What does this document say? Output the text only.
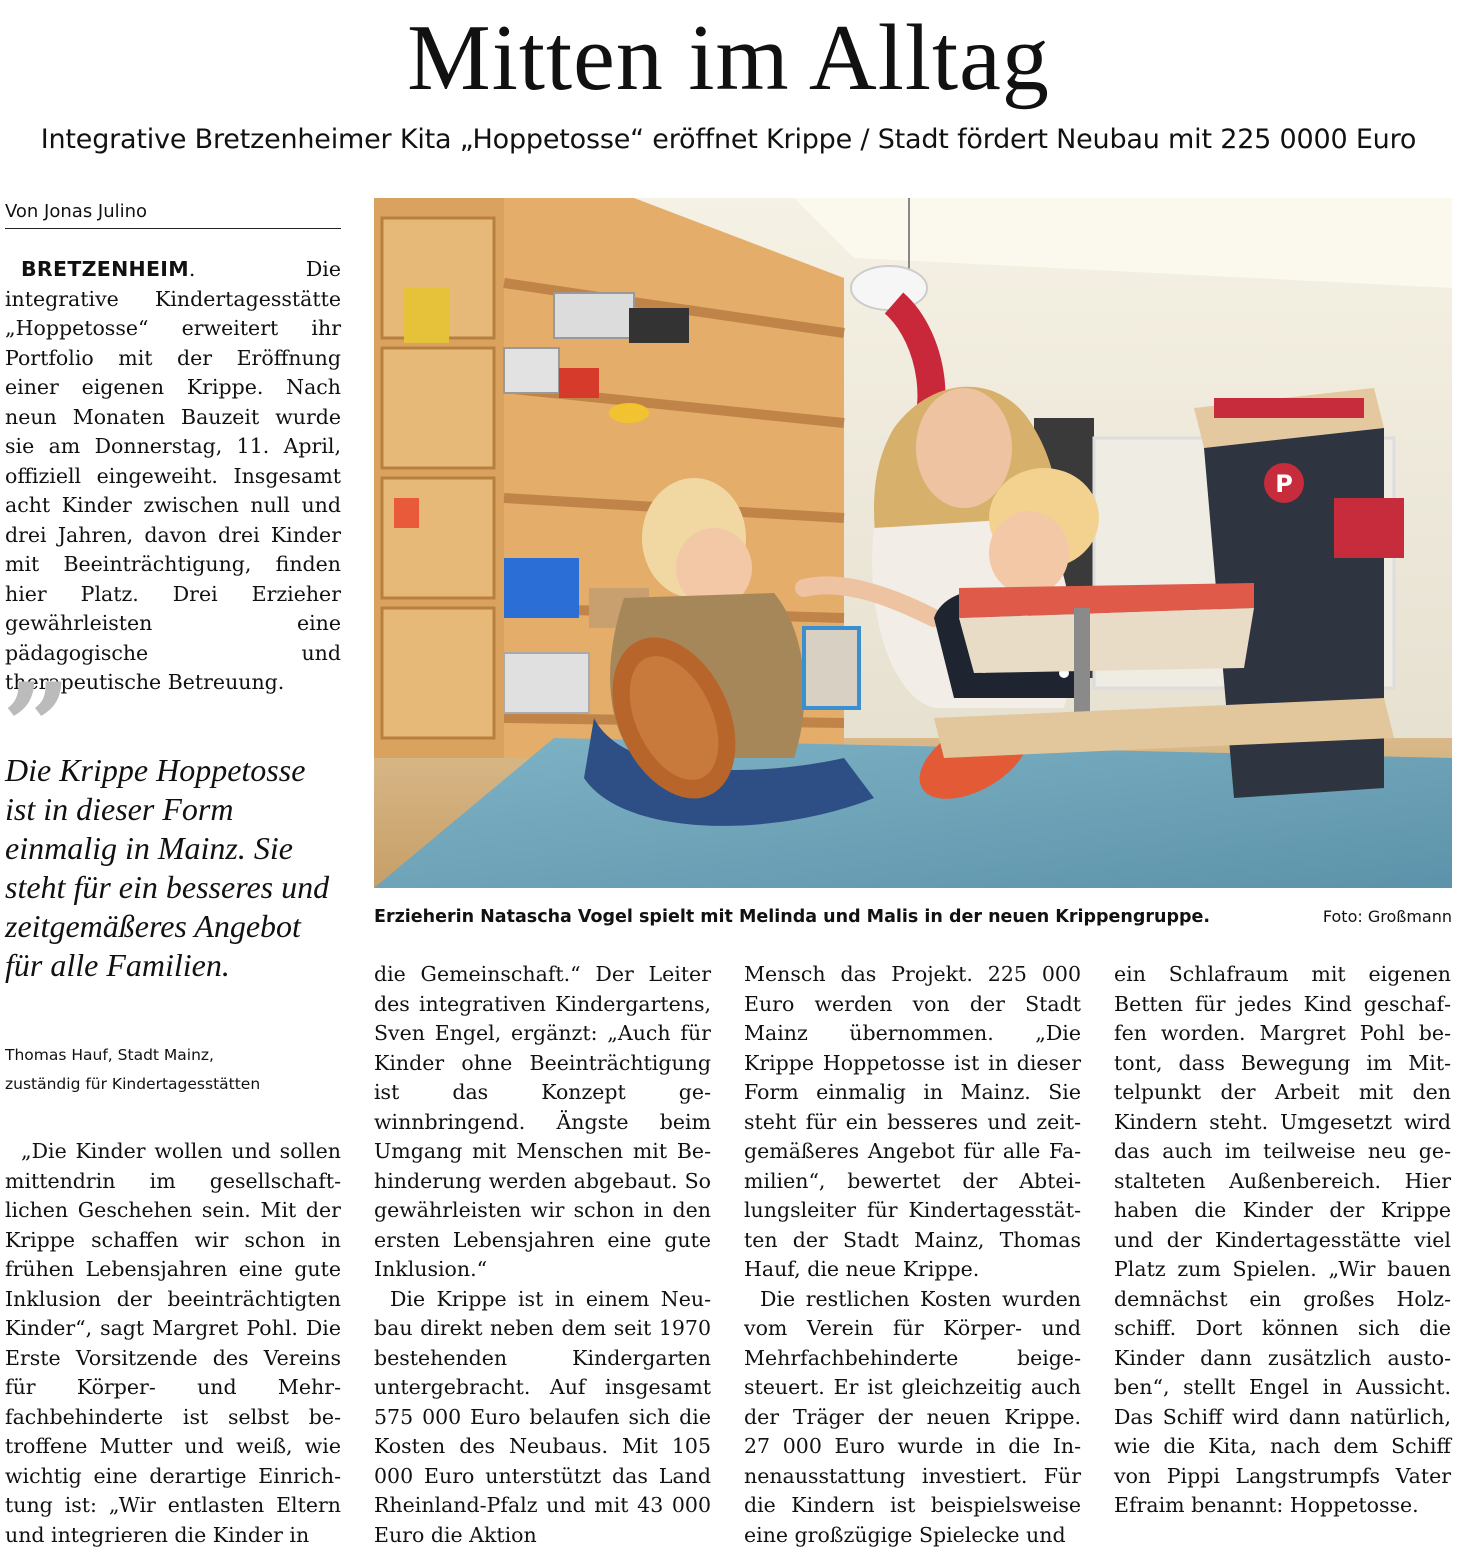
Mitten im Alltag
Integrative Bretzenheimer Kita „Hoppetosse“ eröffnet Krippe / Stadt fördert Neubau mit 225 0000 Euro
Von Jonas Julino

BRETZENHEIM. Die integrative Kindertagesstätte „Hoppetosse“ erweitert ihr Portfolio mit der Eröffnung einer eigenen Krippe. Nach neun Monaten Bauzeit wurde sie am Donnerstag, 11. April, offiziell eingeweiht. Insgesamt acht Kinder zwischen null und drei Jahren, davon drei Kinder mit Beeinträchtigung, finden hier Platz. Drei Erzieher gewährleisten eine pädagogische und therapeutische Betreuung.

”

Die Krippe Hoppetosse ist in dieser Form einmalig in Mainz. Sie steht für ein besseres und zeitgemäßeres Angebot für alle Familien.

Thomas Hauf, Stadt Mainz,
zuständig für Kindertagesstätten

„Die Kinder wollen und sollen mittendrin im gesellschaftlichen Geschehen sein. Mit der Krippe schaffen wir schon in frühen Lebensjahren eine gute Inklusion der beeinträchtigten Kinder“, sagt Margret Pohl. Die Erste Vorsitzende des Vereins für Körper- und Mehrfachbehinderte ist selbst betroffene Mutter und weiß, wie wichtig eine derartige Einrichtung ist: „Wir entlasten Eltern und integrieren die Kinder in

P
Erzieherin Natascha Vogel spielt mit Melinda und Malis in der neuen Krippengruppe.	Foto: Großmann

die Gemeinschaft.“ Der Leiter des integrativen Kindergartens, Sven Engel, ergänzt: „Auch für Kinder ohne Beeinträchtigung ist das Konzept gewinnbringend. Ängste beim Umgang mit Menschen mit Behinderung werden abgebaut. So gewährleisten wir schon in den ersten Lebensjahren eine gute Inklusion.“

Die Krippe ist in einem Neubau direkt neben dem seit 1970 bestehenden Kindergarten untergebracht. Auf insgesamt 575 000 Euro belaufen sich die Kosten des Neubaus. Mit 105 000 Euro unterstützt das Land Rheinland-Pfalz und mit 43 000 Euro die Aktion

Mensch das Projekt. 225 000 Euro werden von der Stadt Mainz übernommen. „Die Krippe Hoppetosse ist in dieser Form einmalig in Mainz. Sie steht für ein besseres und zeitgemäßeres Angebot für alle Familien“, bewertet der Abteilungsleiter für Kindertagesstätten der Stadt Mainz, Thomas Hauf, die neue Krippe.

Die restlichen Kosten wurden vom Verein für Körper- und Mehrfachbehinderte beigesteuert. Er ist gleichzeitig auch der Träger der neuen Krippe. 27 000 Euro wurde in die Innenausstattung investiert. Für die Kindern ist beispielsweise eine großzügige Spielecke und

ein Schlafraum mit eigenen Betten für jedes Kind geschaffen worden. Margret Pohl betont, dass Bewegung im Mittelpunkt der Arbeit mit den Kindern steht. Umgesetzt wird das auch im teilweise neu gestalteten Außenbereich. Hier haben die Kinder der Krippe und der Kindertagesstätte viel Platz zum Spielen. „Wir bauen demnächst ein großes Holzschiff. Dort können sich die Kinder dann zusätzlich austoben“, stellt Engel in Aussicht. Das Schiff wird dann natürlich, wie die Kita, nach dem Schiff von Pippi Langstrumpfs Vater Efraim benannt: Hoppetosse.
